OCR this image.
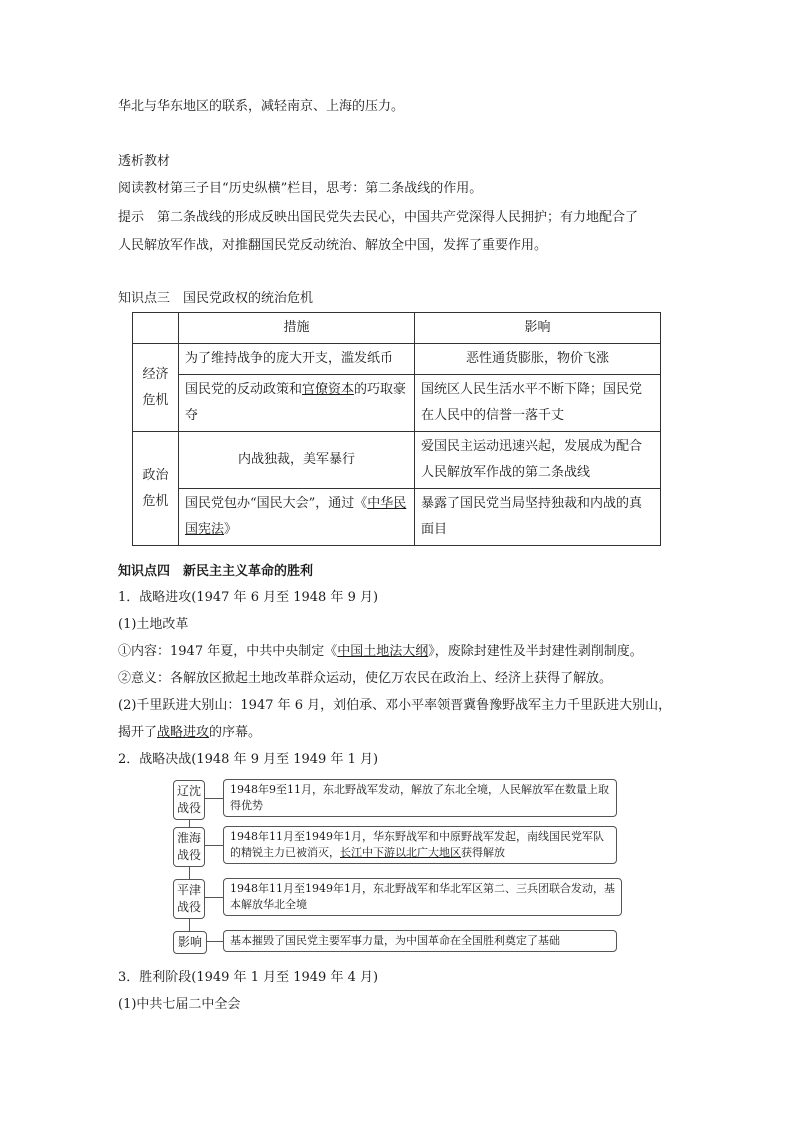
华北与华东地区的联系，减轻南京、上海的压力。
透析教材
阅读教材第三子目“历史纵横”栏目，思考：第二条战线的作用。
提示　 第二条战线的形成反映出国民党失去民心，中国共产党深得人民拥护；有力地配合了
人民解放军作战，对推翻国民党反动统治、解放全中国，发挥了重要作用。
知识点三　国民党政权的统治危机
	措施	影响
经济
危机	为了维持战争的庞大开支，滥发纸币	恶性通货膨胀，物价飞涨
	国民党的反动政策和官僚资本的巧取豪夺	国统区人民生活水平不断下降；国民党在人民中的信誉一落千丈
政治
危机	内战独裁，美军暴行	爱国民主运动迅速兴起，发展成为配合人民解放军作战的第二条战线
	国民党包办“国民大会”，通过《中华民国宪法》	暴露了国民党当局坚持独裁和内战的真面目
知识点四　新民主主义革命的胜利
1．战略进攻(1947 年 6 月至 1948 年 9 月)
(1)土地改革
①内容：1947 年夏，中共中央制定《中国土地法大纲》，废除封建性及半封建性剥削制度。
②意义：各解放区掀起土地改革群众运动，使亿万农民在政治上、经济上获得了解放。
(2)千里跃进大别山：1947 年 6 月，刘伯承、邓小平率领晋冀鲁豫野战军主力千里跃进大别山，
揭开了战略进攻的序幕。
2．战略决战(1948 年 9 月至 1949 年 1 月)
辽沈
战役
1948年9至11月，东北野战军发动，解放了东北全境，人民解放军在数量上取得优势
淮海
战役
1948年11月至1949年1月，华东野战军和中原野战军发起，南线国民党军队的精锐主力已被消灭，长江中下游以北广大地区获得解放
平津
战役
1948年11月至1949年1月，东北野战军和华北军区第二、三兵团联合发动，基本解放华北全境
影响	基本摧毁了国民党主要军事力量，为中国革命在全国胜利奠定了基础
3．胜利阶段(1949 年 1 月至 1949 年 4 月)
(1)中共七届二中全会
